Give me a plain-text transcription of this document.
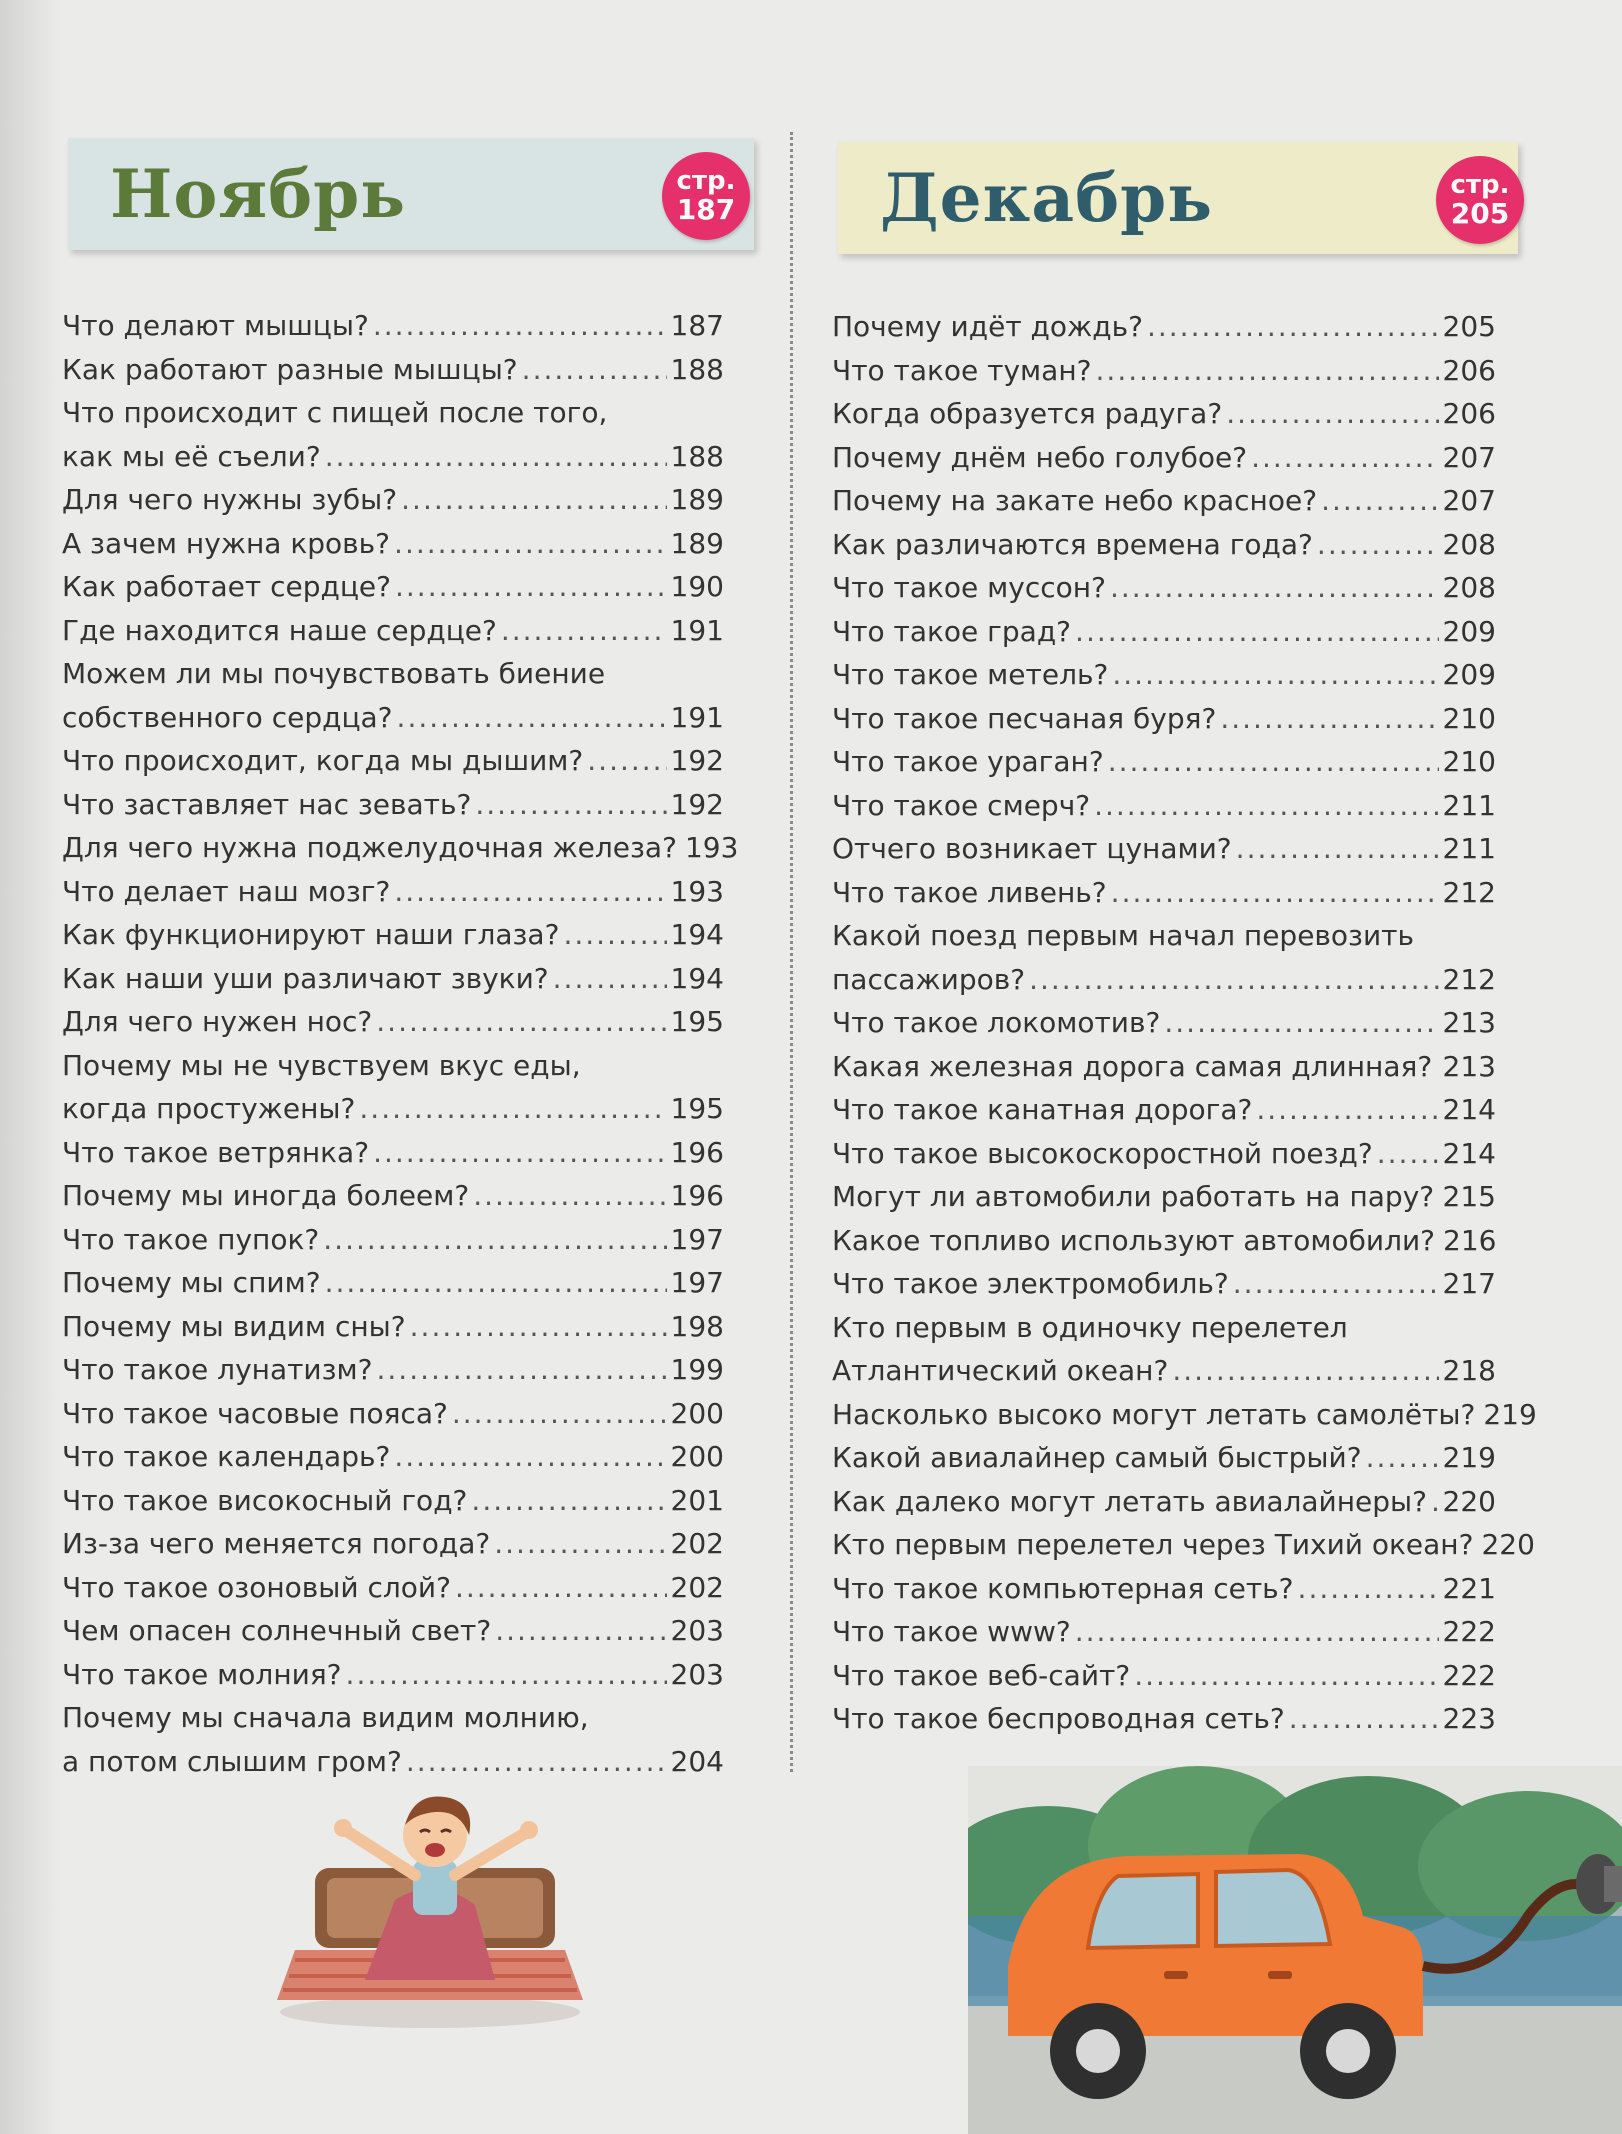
Ноябрь	стр.
187
Что делают мышцы? .....	187
Как работают разные мышцы? .....	188
Что происходит с пищей после того,
как мы её съели? .....	188
Для чего нужны зубы? .....	189
А зачем нужна кровь? .....	189
Как работает сердце? .....	190
Где находится наше сердце? .....	191
Можем ли мы почувствовать биение
собственного сердца? .....	191
Что происходит, когда мы дышим? .....	192
Что заставляет нас зевать? .....	192
Для чего нужна поджелудочная железа? 193
Что делает наш мозг? .....	193
Как функционируют наши глаза? .....	194
Как наши уши различают звуки? .....	194
Для чего нужен нос? .....	195
Почему мы не чувствуем вкус еды,
когда простужены? .....	195
Что такое ветрянка? .....	196
Почему мы иногда болеем? .....	196
Что такое пупок? .....	197
Почему мы спим? .....	197
Почему мы видим сны? .....	198
Что такое лунатизм? .....	199
Что такое часовые пояса? .....	200
Что такое календарь? .....	200
Что такое високосный год? .....	201
Из-за чего меняется погода? .....	202
Что такое озоновый слой? .....	202
Чем опасен солнечный свет? .....	203
Что такое молния? .....	203
Почему мы сначала видим молнию,
а потом слышим гром? .....	204
Декабрь	стр.
205
Почему идёт дождь? .....	205
Что такое туман? .....	206
Когда образуется радуга? .....	206
Почему днём небо голубое? .....	207
Почему на закате небо красное? .....	207
Как различаются времена года? .....	208
Что такое муссон? .....	208
Что такое град? .....	209
Что такое метель? .....	209
Что такое песчаная буря? .....	210
Что такое ураган? .....	210
Что такое смерч? .....	211
Отчего возникает цунами? .....	211
Что такое ливень? .....	212
Какой поезд первым начал перевозить
пассажиров? .....	212
Что такое локомотив? .....	213
Какая железная дорога самая длинная? ..... 213
Что такое канатная дорога? .....	214
Что такое высокоскоростной поезд? ..... 214
Могут ли автомобили работать на пару? ..... 215
Какое топливо используют автомобили? 216
Что такое электромобиль? .....	217
Кто первым в одиночку перелетел
Атлантический океан? .....	218
Насколько высоко могут летать самолёты? 219
Какой авиалайнер самый быстрый? .....	219
Как далеко могут летать авиалайнеры? ..... 220
Кто первым перелетел через Тихий океан? 220
Что такое компьютерная сеть? .....	221
Что такое www? .....	222
Что такое веб-сайт? .....	222
Что такое беспроводная сеть? .....	223
